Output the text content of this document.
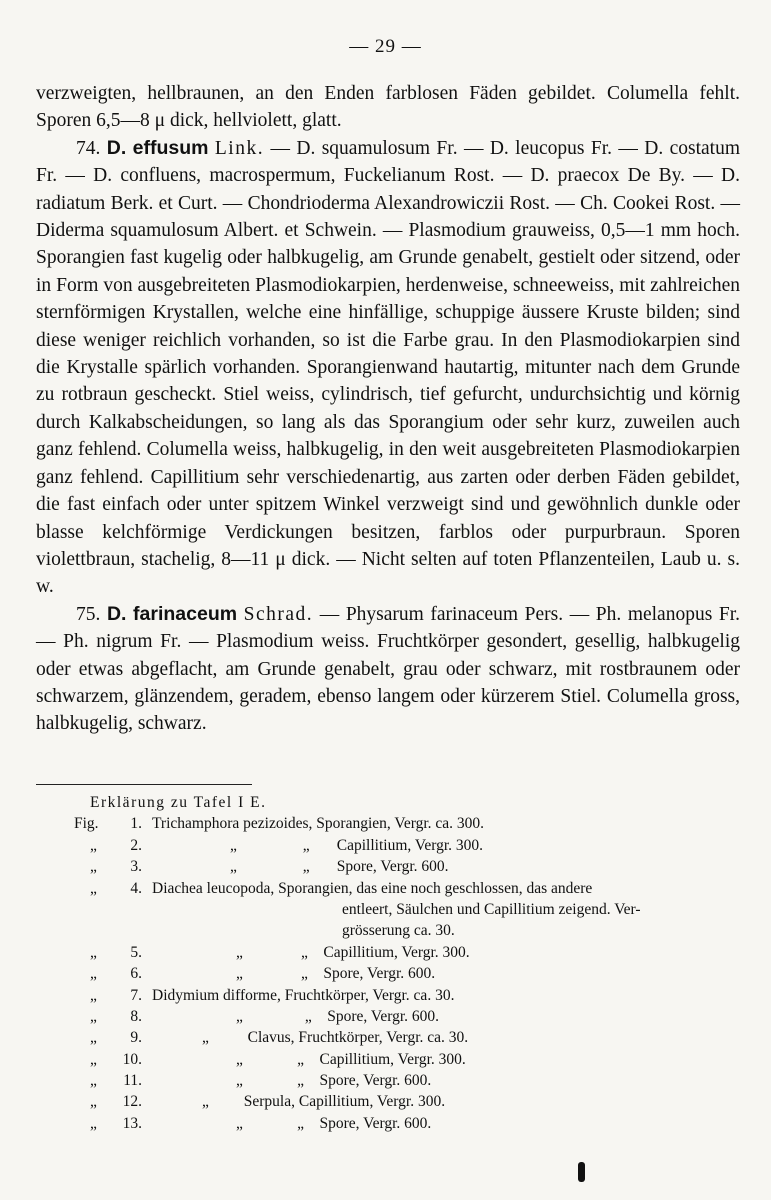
— 29 —

verzweigten, hellbraunen, an den Enden farblosen Fäden gebildet. Columella fehlt. Sporen 6,5—8 μ dick, hellviolett, glatt.

74. D. effusum Link. — D. squamulosum Fr. — D. leucopus Fr. — D. costatum Fr. — D. confluens, macrospermum, Fuckelianum Rost. — D. praecox De By. — D. radiatum Berk. et Curt. — Chondrioderma Alexandrowiczii Rost. — Ch. Cookei Rost. — Diderma squamulosum Albert. et Schwein. — Plasmodium grauweiss, 0,5—1 mm hoch. Sporangien fast kugelig oder halbkugelig, am Grunde genabelt, gestielt oder sitzend, oder in Form von ausgebreiteten Plasmodiokarpien, herdenweise, schneeweiss, mit zahlreichen sternförmigen Krystallen, welche eine hinfällige, schuppige äussere Kruste bilden; sind diese weniger reichlich vorhanden, so ist die Farbe grau. In den Plasmodiokarpien sind die Krystalle spärlich vorhanden. Sporangienwand hautartig, mitunter nach dem Grunde zu rotbraun gescheckt. Stiel weiss, cylindrisch, tief gefurcht, undurchsichtig und körnig durch Kalkabscheidungen, so lang als das Sporangium oder sehr kurz, zuweilen auch ganz fehlend. Columella weiss, halbkugelig, in den weit ausgebreiteten Plasmodiokarpien ganz fehlend. Capillitium sehr verschiedenartig, aus zarten oder derben Fäden gebildet, die fast einfach oder unter spitzem Winkel verzweigt sind und gewöhnlich dunkle oder blasse kelchförmige Verdickungen besitzen, farblos oder purpurbraun. Sporen violettbraun, stachelig, 8—11 μ dick. — Nicht selten auf toten Pflanzenteilen, Laub u. s. w.

75. D. farinaceum Schrad. — Physarum farinaceum Pers. — Ph. melanopus Fr. — Ph. nigrum Fr. — Plasmodium weiss. Fruchtkörper gesondert, gesellig, halbkugelig oder etwas abgeflacht, am Grunde genabelt, grau oder schwarz, mit rostbraunem oder schwarzem, glänzendem, geradem, ebenso langem oder kürzerem Stiel. Columella gross, halbkugelig, schwarz.

Erklärung zu Tafel I E.
Fig.	1. Trichamphora pezizoides, Sporangien, Vergr. ca. 300.
„	2.	„                 „       Capillitium, Vergr. 300.
„	3.	„                 „       Spore, Vergr. 600.
„	4. Diachea leucopoda, Sporangien, das eine noch geschlossen, das andere
entleert, Säulchen und Capillitium zeigend. Ver-
grösserung ca. 30.
„	5.	„               „    Capillitium, Vergr. 300.
„	6.	„               „    Spore, Vergr. 600.
„	7. Didymium difforme, Fruchtkörper, Vergr. ca. 30.
„	8.	„                „    Spore, Vergr. 600.
„	9.	„          Clavus, Fruchtkörper, Vergr. ca. 30.
„	10.	„              „    Capillitium, Vergr. 300.
„	11.	„              „    Spore, Vergr. 600.
„	12.	„         Serpula, Capillitium, Vergr. 300.
„	13.	„              „    Spore, Vergr. 600.
